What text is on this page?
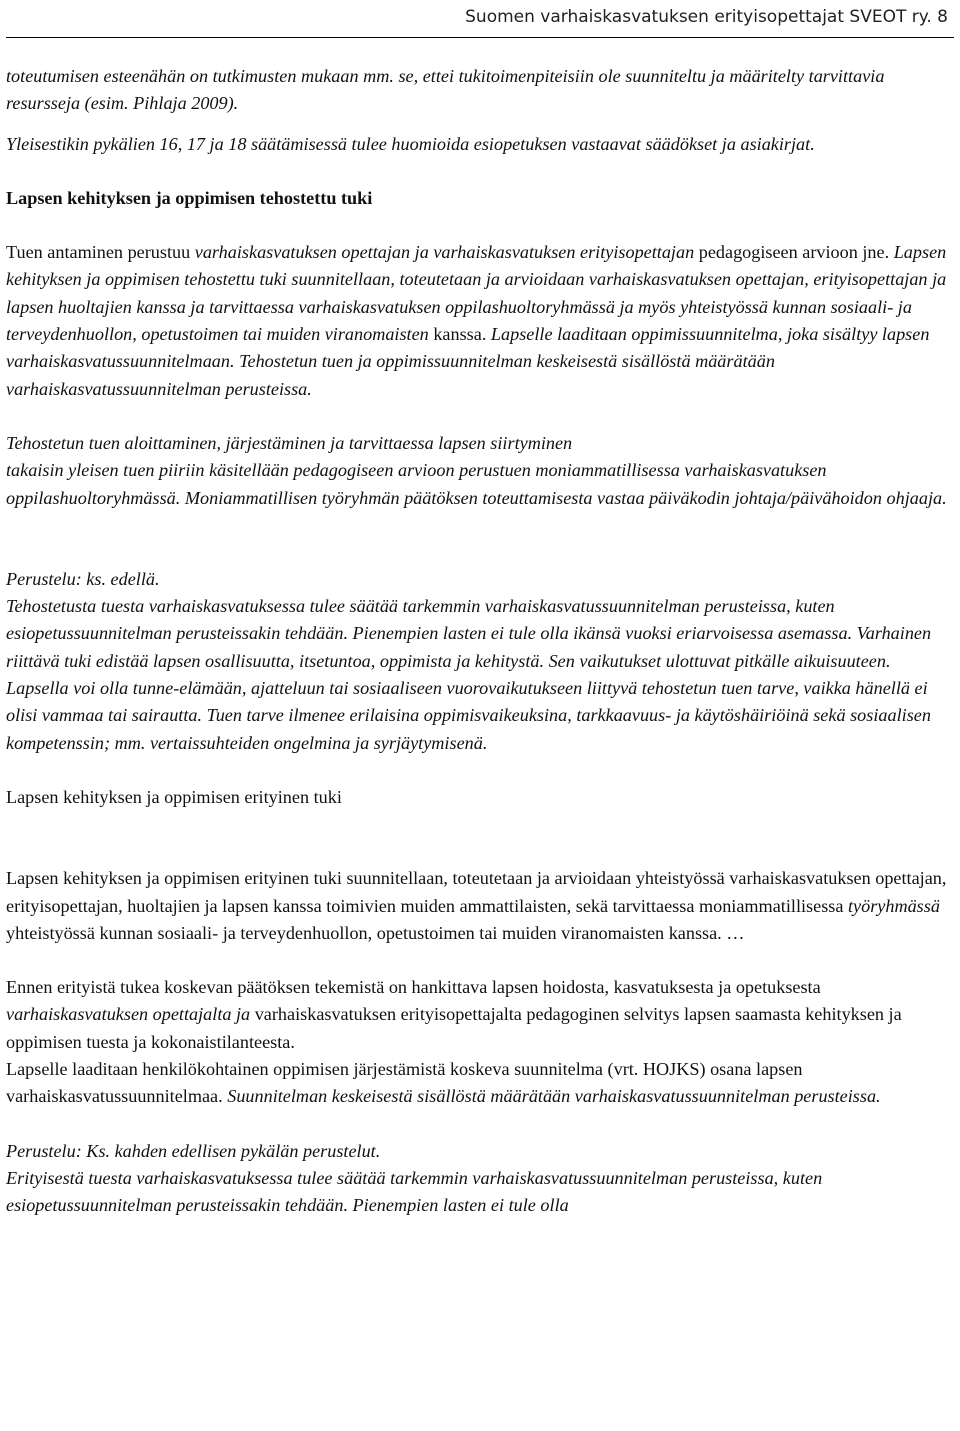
Suomen varhaiskasvatuksen erityisopettajat SVEOT ry. 8

toteutumisen esteenähän on tutkimusten mukaan mm. se, ettei tukitoimenpiteisiin ole suunniteltu ja määritelty tarvittavia resursseja (esim. Pihlaja 2009).

Yleisestikin pykälien 16, 17 ja 18 säätämisessä tulee huomioida esiopetuksen vastaavat säädökset ja asiakirjat.

Lapsen kehityksen ja oppimisen tehostettu tuki

Tuen antaminen perustuu varhaiskasvatuksen opettajan ja varhaiskasvatuksen erityisopettajan pedagogiseen arvioon jne. Lapsen kehityksen ja oppimisen tehostettu tuki suunnitellaan, toteutetaan ja arvioidaan varhaiskasvatuksen opettajan, erityisopettajan ja lapsen huoltajien kanssa ja tarvittaessa varhaiskasvatuksen oppilashuoltoryhmässä ja myös yhteistyössä kunnan sosiaali- ja terveydenhuollon, opetustoimen tai muiden viranomaisten kanssa. Lapselle laaditaan oppimissuunnitelma, joka sisältyy lapsen varhaiskasvatussuunnitelmaan. Tehostetun tuen ja oppimissuunnitelman keskeisestä sisällöstä määrätään varhaiskasvatussuunnitelman perusteissa.

Tehostetun tuen aloittaminen, järjestäminen ja tarvittaessa lapsen siirtyminen
takaisin yleisen tuen piiriin käsitellään pedagogiseen arvioon perustuen moniammatillisessa varhaiskasvatuksen oppilashuoltoryhmässä. Moniammatillisen työryhmän päätöksen toteuttamisesta vastaa päiväkodin johtaja/päivähoidon ohjaaja.

Perustelu: ks. edellä.

Tehostetusta tuesta varhaiskasvatuksessa tulee säätää tarkemmin varhaiskasvatussuunnitelman perusteissa, kuten esiopetussuunnitelman perusteissakin tehdään. Pienempien lasten ei tule olla ikänsä vuoksi eriarvoisessa asemassa. Varhainen riittävä tuki edistää lapsen osallisuutta, itsetuntoa, oppimista ja kehitystä. Sen vaikutukset ulottuvat pitkälle aikuisuuteen. Lapsella voi olla tunne-elämään, ajatteluun tai sosiaaliseen vuorovaikutukseen liittyvä tehostetun tuen tarve, vaikka hänellä ei olisi vammaa tai sairautta. Tuen tarve ilmenee erilaisina oppimisvaikeuksina, tarkkaavuus- ja käytöshäiriöinä sekä sosiaalisen kompetenssin; mm. vertaissuhteiden ongelmina ja syrjäytymisenä.

Lapsen kehityksen ja oppimisen erityinen tuki

Lapsen kehityksen ja oppimisen erityinen tuki suunnitellaan, toteutetaan ja arvioidaan yhteistyössä varhaiskasvatuksen opettajan, erityisopettajan, huoltajien ja lapsen kanssa toimivien muiden ammattilaisten, sekä tarvittaessa moniammatillisessa työryhmässä yhteistyössä kunnan sosiaali- ja terveydenhuollon, opetustoimen tai muiden viranomaisten kanssa. …

Ennen erityistä tukea koskevan päätöksen tekemistä on hankittava lapsen hoidosta, kasvatuksesta ja opetuksesta varhaiskasvatuksen opettajalta ja varhaiskasvatuksen erityisopettajalta pedagoginen selvitys lapsen saamasta kehityksen ja oppimisen tuesta ja kokonaistilanteesta.

Lapselle laaditaan henkilökohtainen oppimisen järjestämistä koskeva suunnitelma (vrt. HOJKS) osana lapsen varhaiskasvatussuunnitelmaa. Suunnitelman keskeisestä sisällöstä määrätään varhaiskasvatussuunnitelman perusteissa.

Perustelu: Ks. kahden edellisen pykälän perustelut.

Erityisestä tuesta varhaiskasvatuksessa tulee säätää tarkemmin varhaiskasvatussuunnitelman perusteissa, kuten esiopetussuunnitelman perusteissakin tehdään. Pienempien lasten ei tule olla
